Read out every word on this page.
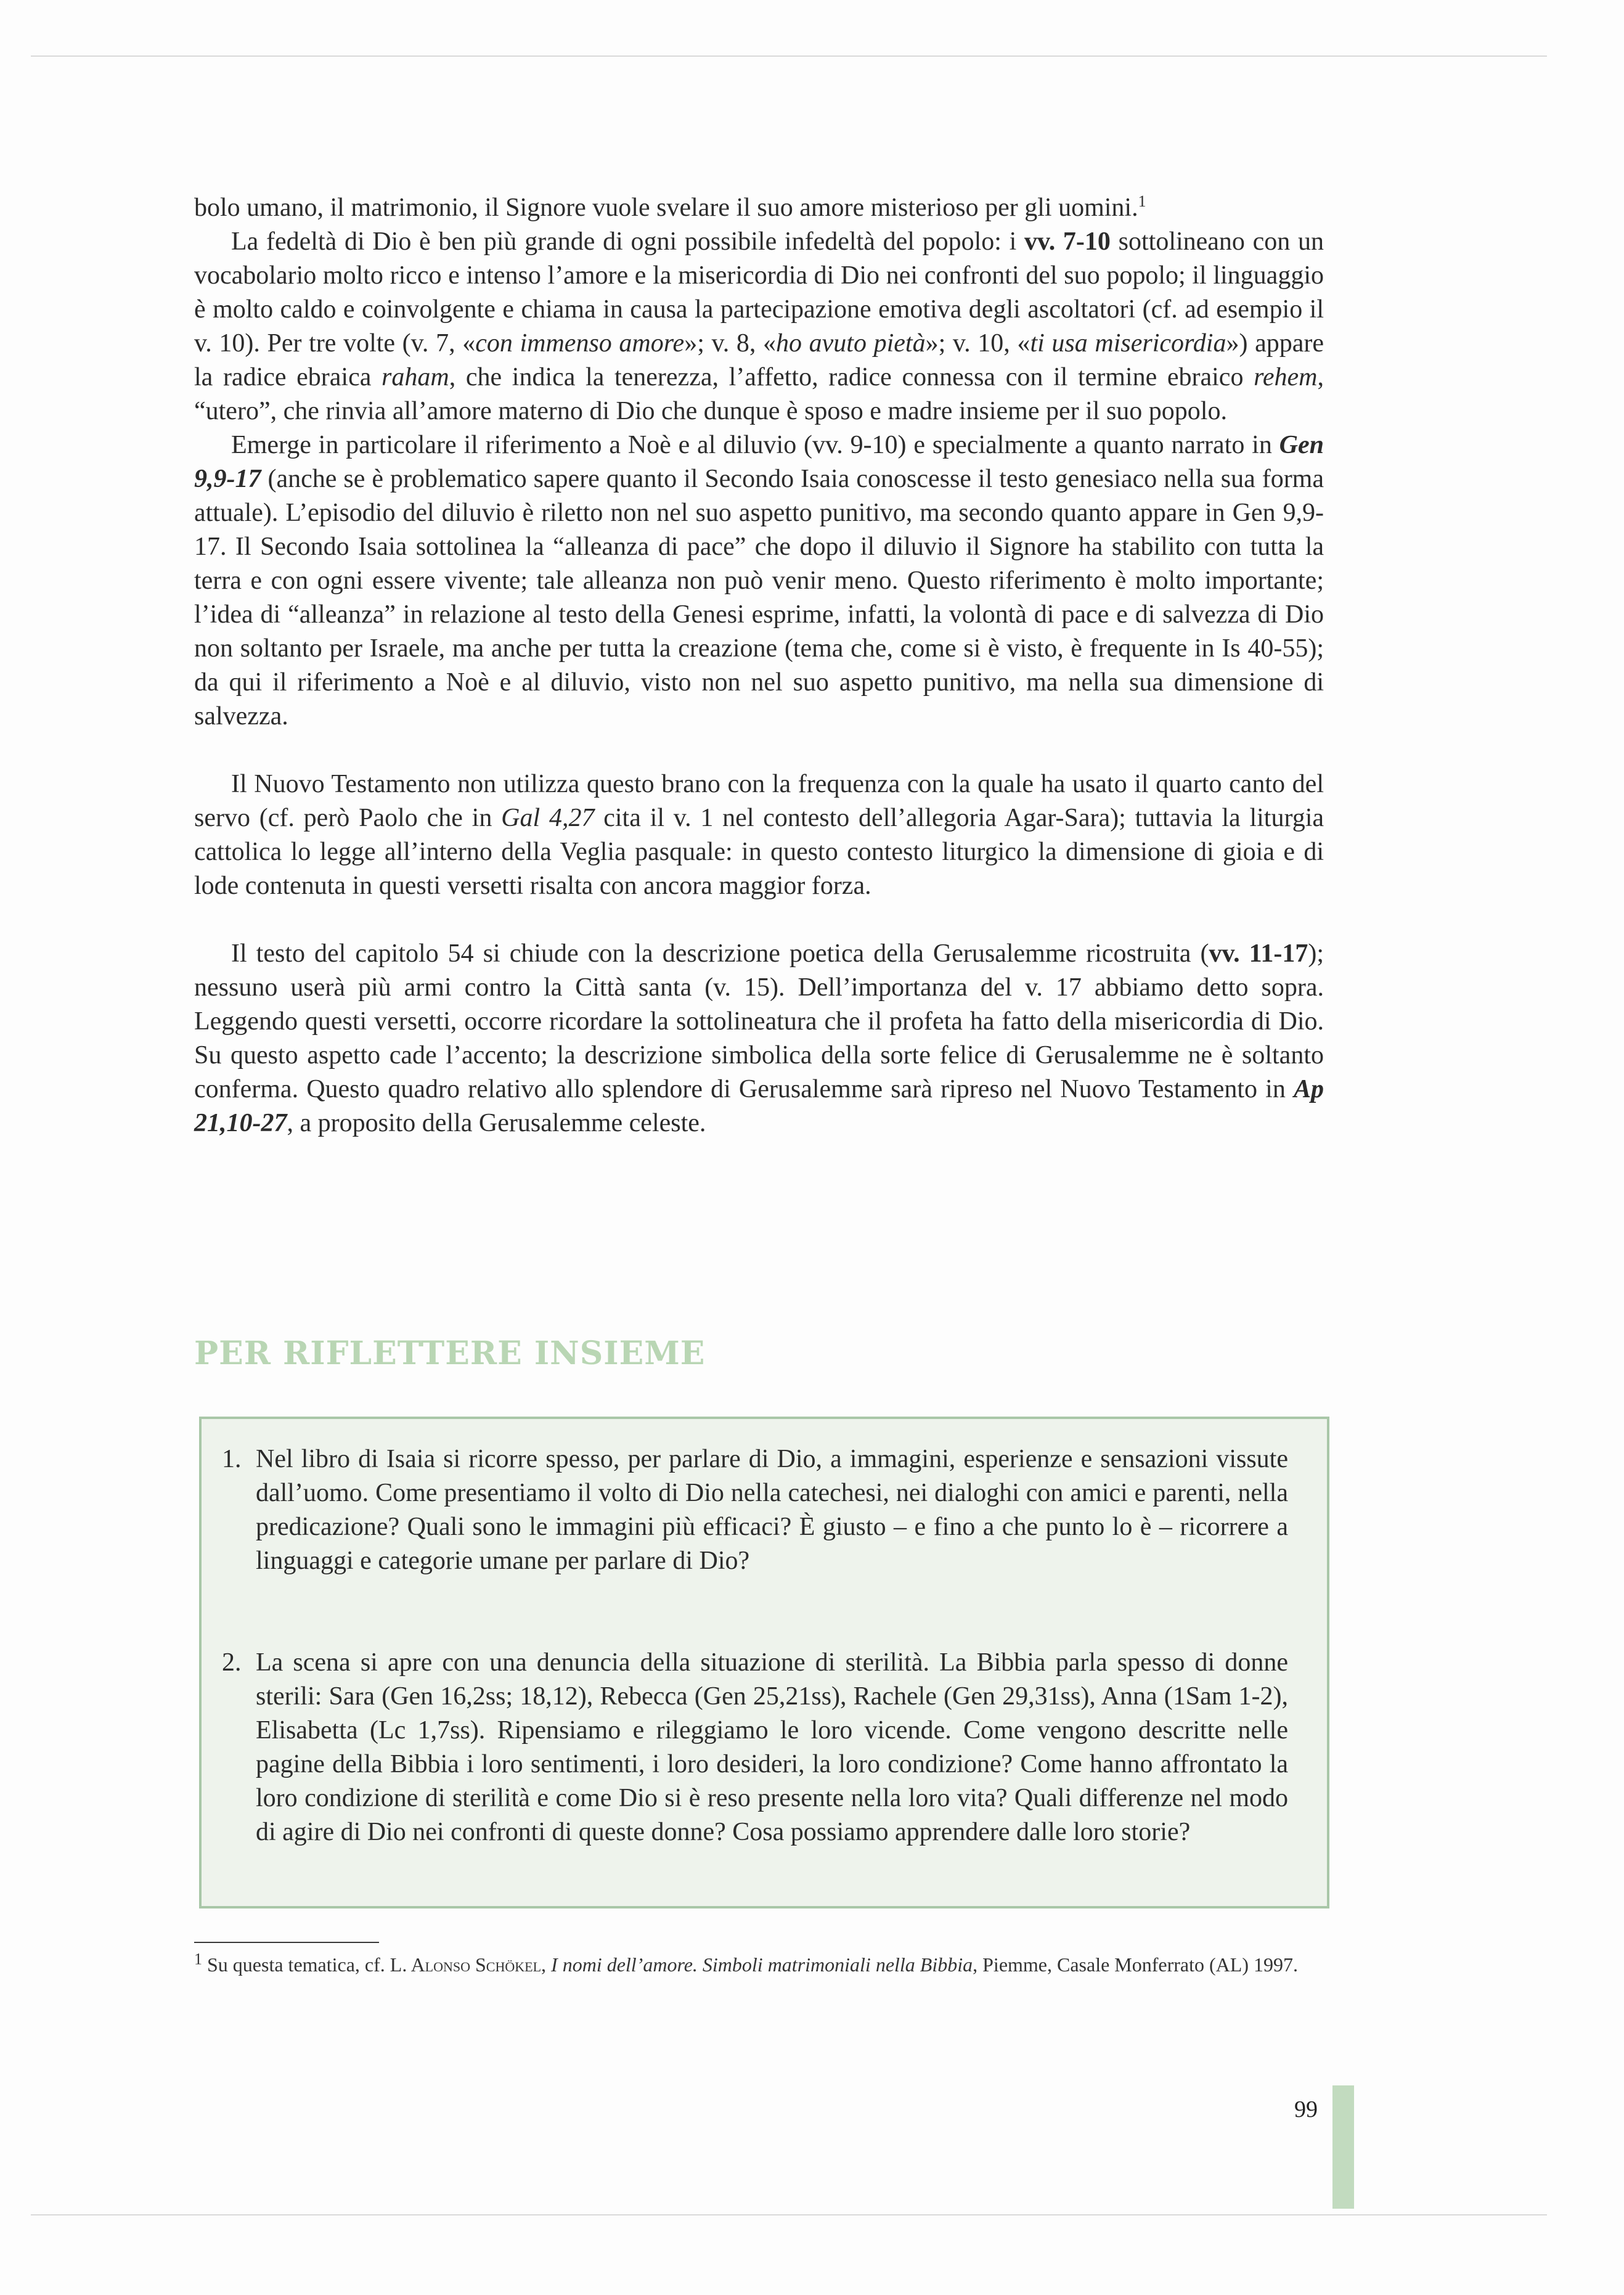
bolo umano, il matrimonio, il Signore vuole svelare il suo amore misterioso per gli uomini.$^1$

La fedeltà di Dio è ben più grande di ogni possibile infedeltà del popolo: i vv. 7-10 sottolineano con un vocabolario molto ricco e intenso l’amore e la misericordia di Dio nei confronti del suo popolo; il linguaggio è molto caldo e coinvolgente e chiama in causa la partecipazione emotiva degli ascoltatori (cf. ad esempio il v. 10). Per tre volte (v. 7, «con immenso amore»; v. 8, «ho avuto pietà»; v. 10, «ti usa misericordia») appare la radice ebraica raham, che indica la tenerezza, l’affetto, radice connessa con il termine ebraico rehem, “utero”, che rinvia all’amore materno di Dio che dunque è sposo e madre insieme per il suo popolo.

Emerge in particolare il riferimento a Noè e al diluvio (vv. 9-10) e specialmente a quanto narrato in Gen 9,9-17 (anche se è problematico sapere quanto il Secondo Isaia conoscesse il testo genesiaco nella sua forma attuale). L’episodio del diluvio è riletto non nel suo aspetto punitivo, ma secondo quanto appare in Gen 9,9-17. Il Secondo Isaia sottolinea la “alleanza di pace” che dopo il diluvio il Signore ha stabilito con tutta la terra e con ogni essere vivente; tale alleanza non può venir meno. Questo riferimento è molto importante; l’idea di “alleanza” in relazione al testo della Genesi esprime, infatti, la volontà di pace e di salvezza di Dio non soltanto per Israele, ma anche per tutta la creazione (tema che, come si è visto, è frequente in Is 40-55); da qui il riferimento a Noè e al diluvio, visto non nel suo aspetto punitivo, ma nella sua dimensione di salvezza.

Il Nuovo Testamento non utilizza questo brano con la frequenza con la quale ha usato il quarto canto del servo (cf. però Paolo che in Gal 4,27 cita il v. 1 nel contesto dell’allegoria Agar-Sara); tuttavia la liturgia cattolica lo legge all’interno della Veglia pasquale: in questo contesto liturgico la dimensione di gioia e di lode contenuta in questi versetti risalta con ancora maggior forza.

Il testo del capitolo 54 si chiude con la descrizione poetica della Gerusalemme ricostruita (vv. 11-17); nessuno userà più armi contro la Città santa (v. 15). Dell’importanza del v. 17 abbiamo detto sopra. Leggendo questi versetti, occorre ricordare la sottolineatura che il profeta ha fatto della misericordia di Dio. Su questo aspetto cade l’accento; la descrizione simbolica della sorte felice di Gerusalemme ne è soltanto conferma. Questo quadro relativo allo splendore di Gerusalemme sarà ripreso nel Nuovo Testamento in Ap 21,10-27, a proposito della Gerusalemme celeste.

PER RIFLETTERE INSIEME
1. Nel libro di Isaia si ricorre spesso, per parlare di Dio, a immagini, esperienze e sensazioni vissute dall’uomo. Come presentiamo il volto di Dio nella catechesi, nei dialoghi con amici e parenti, nella predicazione? Quali sono le immagini più efficaci? È giusto – e fino a che punto lo è – ricorrere a linguaggi e categorie umane per parlare di Dio?
2. La scena si apre con una denuncia della situazione di sterilità. La Bibbia parla spesso di donne sterili: Sara (Gen 16,2ss; 18,12), Rebecca (Gen 25,21ss), Rachele (Gen 29,31ss), Anna (1Sam 1-2), Elisabetta (Lc 1,7ss). Ripensiamo e rileggiamo le loro vicende. Come vengono descritte nelle pagine della Bibbia i loro sentimenti, i loro desideri, la loro condizione? Come hanno affrontato la loro condizione di sterilità e come Dio si è reso presente nella loro vita? Quali differenze nel modo di agire di Dio nei confronti di queste donne? Cosa possiamo apprendere dalle loro storie?
$^1$ Su questa tematica, cf. L. Alonso Schökel, I nomi dell’amore. Simboli matrimoniali nella Bibbia, Piemme, Casale Monferrato (AL) 1997.
99
